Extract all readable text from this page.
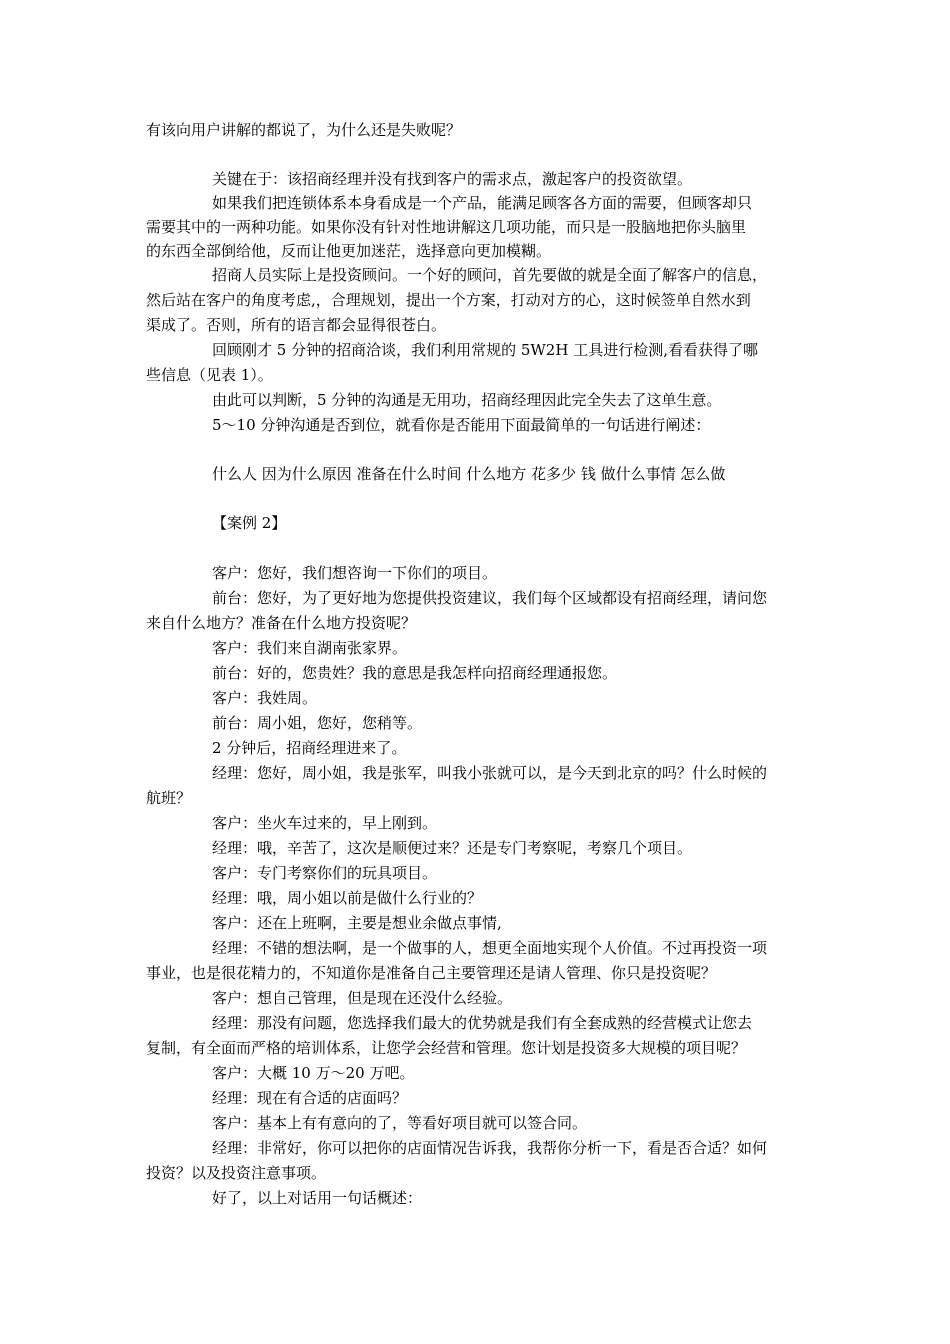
有该向用户讲解的都说了，为什么还是失败呢？
关键在于：该招商经理并没有找到客户的需求点，激起客户的投资欲望。
如果我们把连锁体系本身看成是一个产品，能满足顾客各方面的需要，但顾客却只
需要其中的一两种功能。如果你没有针对性地讲解这几项功能，而只是一股脑地把你头脑里
的东西全部倒给他，反而让他更加迷茫，选择意向更加模糊。
招商人员实际上是投资顾问。一个好的顾问，首先要做的就是全面了解客户的信息，
然后站在客户的角度考虑,，合理规划，提出一个方案，打动对方的心，这时候签单自然水到
渠成了。否则，所有的语言都会显得很苍白。
回顾刚才 5 分钟的招商洽谈，我们利用常规的 5W2H 工具进行检测,看看获得了哪
些信息（见表 1）。
由此可以判断，5 分钟的沟通是无用功，招商经理因此完全失去了这单生意。
5～10 分钟沟通是否到位，就看你是否能用下面最简单的一句话进行阐述：
什么人 因为什么原因 准备在什么时间 什么地方 花多少 钱 做什么事情 怎么做
【案例 2】
客户：您好，我们想咨询一下你们的项目。
前台：您好，为了更好地为您提供投资建议，我们每个区域都设有招商经理，请问您
来自什么地方？准备在什么地方投资呢？
客户：我们来自湖南张家界。
前台：好的，您贵姓？我的意思是我怎样向招商经理通报您。
客户：我姓周。
前台：周小姐，您好，您稍等。
2 分钟后，招商经理进来了。
经理：您好，周小姐，我是张军，叫我小张就可以，是今天到北京的吗？什么时候的
航班？
客户：坐火车过来的，早上刚到。
经理：哦，辛苦了，这次是顺便过来？还是专门考察呢，考察几个项目。
客户：专门考察你们的玩具项目。
经理：哦，周小姐以前是做什么行业的？
客户：还在上班啊，主要是想业余做点事情,
经理：不错的想法啊，是一个做事的人，想更全面地实现个人价值。不过再投资一项
事业，也是很花精力的，不知道你是准备自己主要管理还是请人管理、你只是投资呢？
客户：想自己管理，但是现在还没什么经验。
经理：那没有问题，您选择我们最大的优势就是我们有全套成熟的经营模式让您去
复制，有全面而严格的培训体系，让您学会经营和管理。您计划是投资多大规模的项目呢？
客户：大概 10 万～20 万吧。
经理：现在有合适的店面吗？
客户：基本上有有意向的了，等看好项目就可以签合同。
经理：非常好，你可以把你的店面情况告诉我，我帮你分析一下，看是否合适？如何
投资？以及投资注意事项。
好了，以上对话用一句话概述：
